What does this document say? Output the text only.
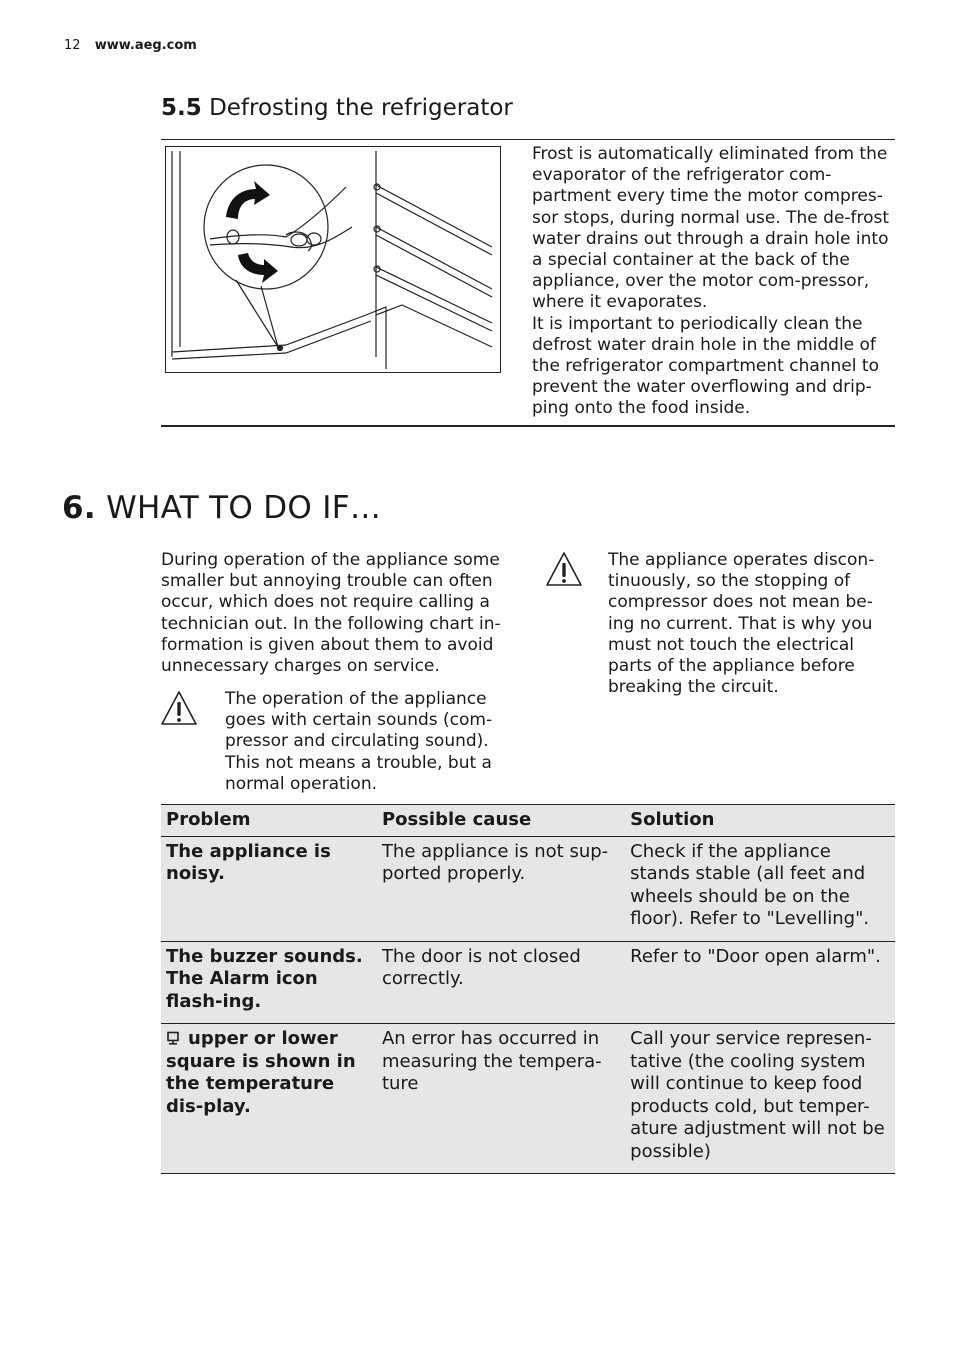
12 www.aeg.com
5.5 Defrosting the refrigerator

Frost is automatically eliminated from the evaporator of the refrigerator com-partment every time the motor compres-sor stops, during normal use. The de-frost water drains out through a drain hole into a special container at the back of the appliance, over the motor com-pressor, where it evaporates.

It is important to periodically clean the defrost water drain hole in the middle of the refrigerator compartment channel to prevent the water overflowing and drip-ping onto the food inside.

6. WHAT TO DO IF…

During operation of the appliance some smaller but annoying trouble can often occur, which does not require calling a technician out. In the following chart in-formation is given about them to avoid unnecessary charges on service.

The operation of the appliance goes with certain sounds (com-pressor and circulating sound). This not means a trouble, but a normal operation.

The appliance operates discon-tinuously, so the stopping of compressor does not mean be-ing no current. That is why you must not touch the electrical parts of the appliance before breaking the circuit.

Problem	Possible cause	Solution
The appliance is noisy.	The appliance is not sup-ported properly.	Check if the appliance stands stable (all feet and wheels should be on the floor). Refer to "Levelling".
The buzzer sounds. The Alarm icon flash-ing.	The door is not closed correctly.	Refer to "Door open alarm".
upper or lower square is shown in the temperature dis-play.	An error has occurred in measuring the tempera-ture	Call your service represen-tative (the cooling system will continue to keep food products cold, but temper-ature adjustment will not be possible)
